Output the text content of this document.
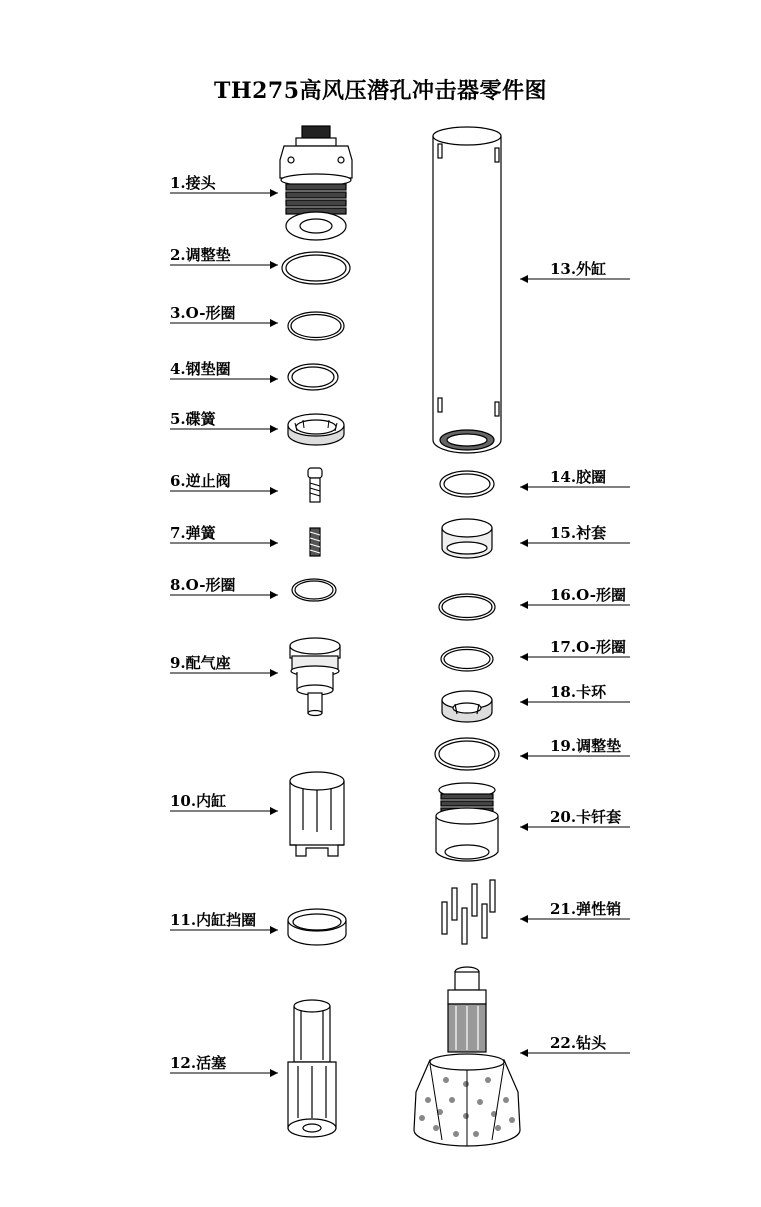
TH275高风压潜孔冲击器零件图
1.接头
2.调整垫
3.O-形圈
4.钢垫圈
5.碟簧
6.逆止阀
7.弹簧
8.O-形圈
9.配气座
10.内缸
11.内缸挡圈
12.活塞
13.外缸
14.胶圈
15.衬套
16.O-形圈
17.O-形圈
18.卡环
19.调整垫
20.卡钎套
21.弹性销
22.钻头
